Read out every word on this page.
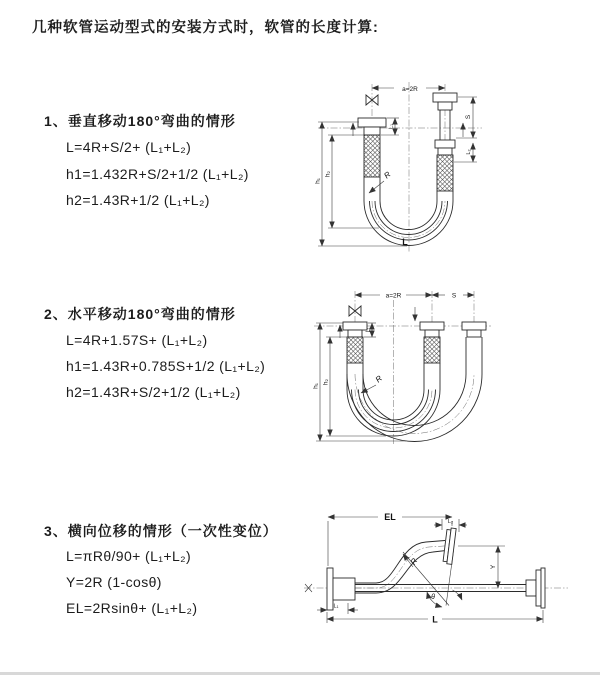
几种软管运动型式的安装方式时，软管的长度计算:
1、垂直移动180°弯曲的情形
L=4R+S/2+ (L₁+L₂)
h1=1.432R+S/2+1/2 (L₁+L₂)
h2=1.43R+1/2 (L₁+L₂)
2、水平移动180°弯曲的情形
L=4R+1.57S+ (L₁+L₂)
h1=1.43R+0.785S+1/2 (L₁+L₂)
h2=1.43R+S/2+1/2 (L₁+L₂)
3、横向位移的情形（一次性变位）
L=πRθ/90+ (L₁+L₂)
Y=2R (1-cosθ)
EL=2Rsinθ+ (L₁+L₂)
a=2R
h₁
h₂
L₁
S
L₂
R
L
a=2R	S
h₁
h₂
L₁
R
EL	L₂
Y
θ
R
L
L₁
